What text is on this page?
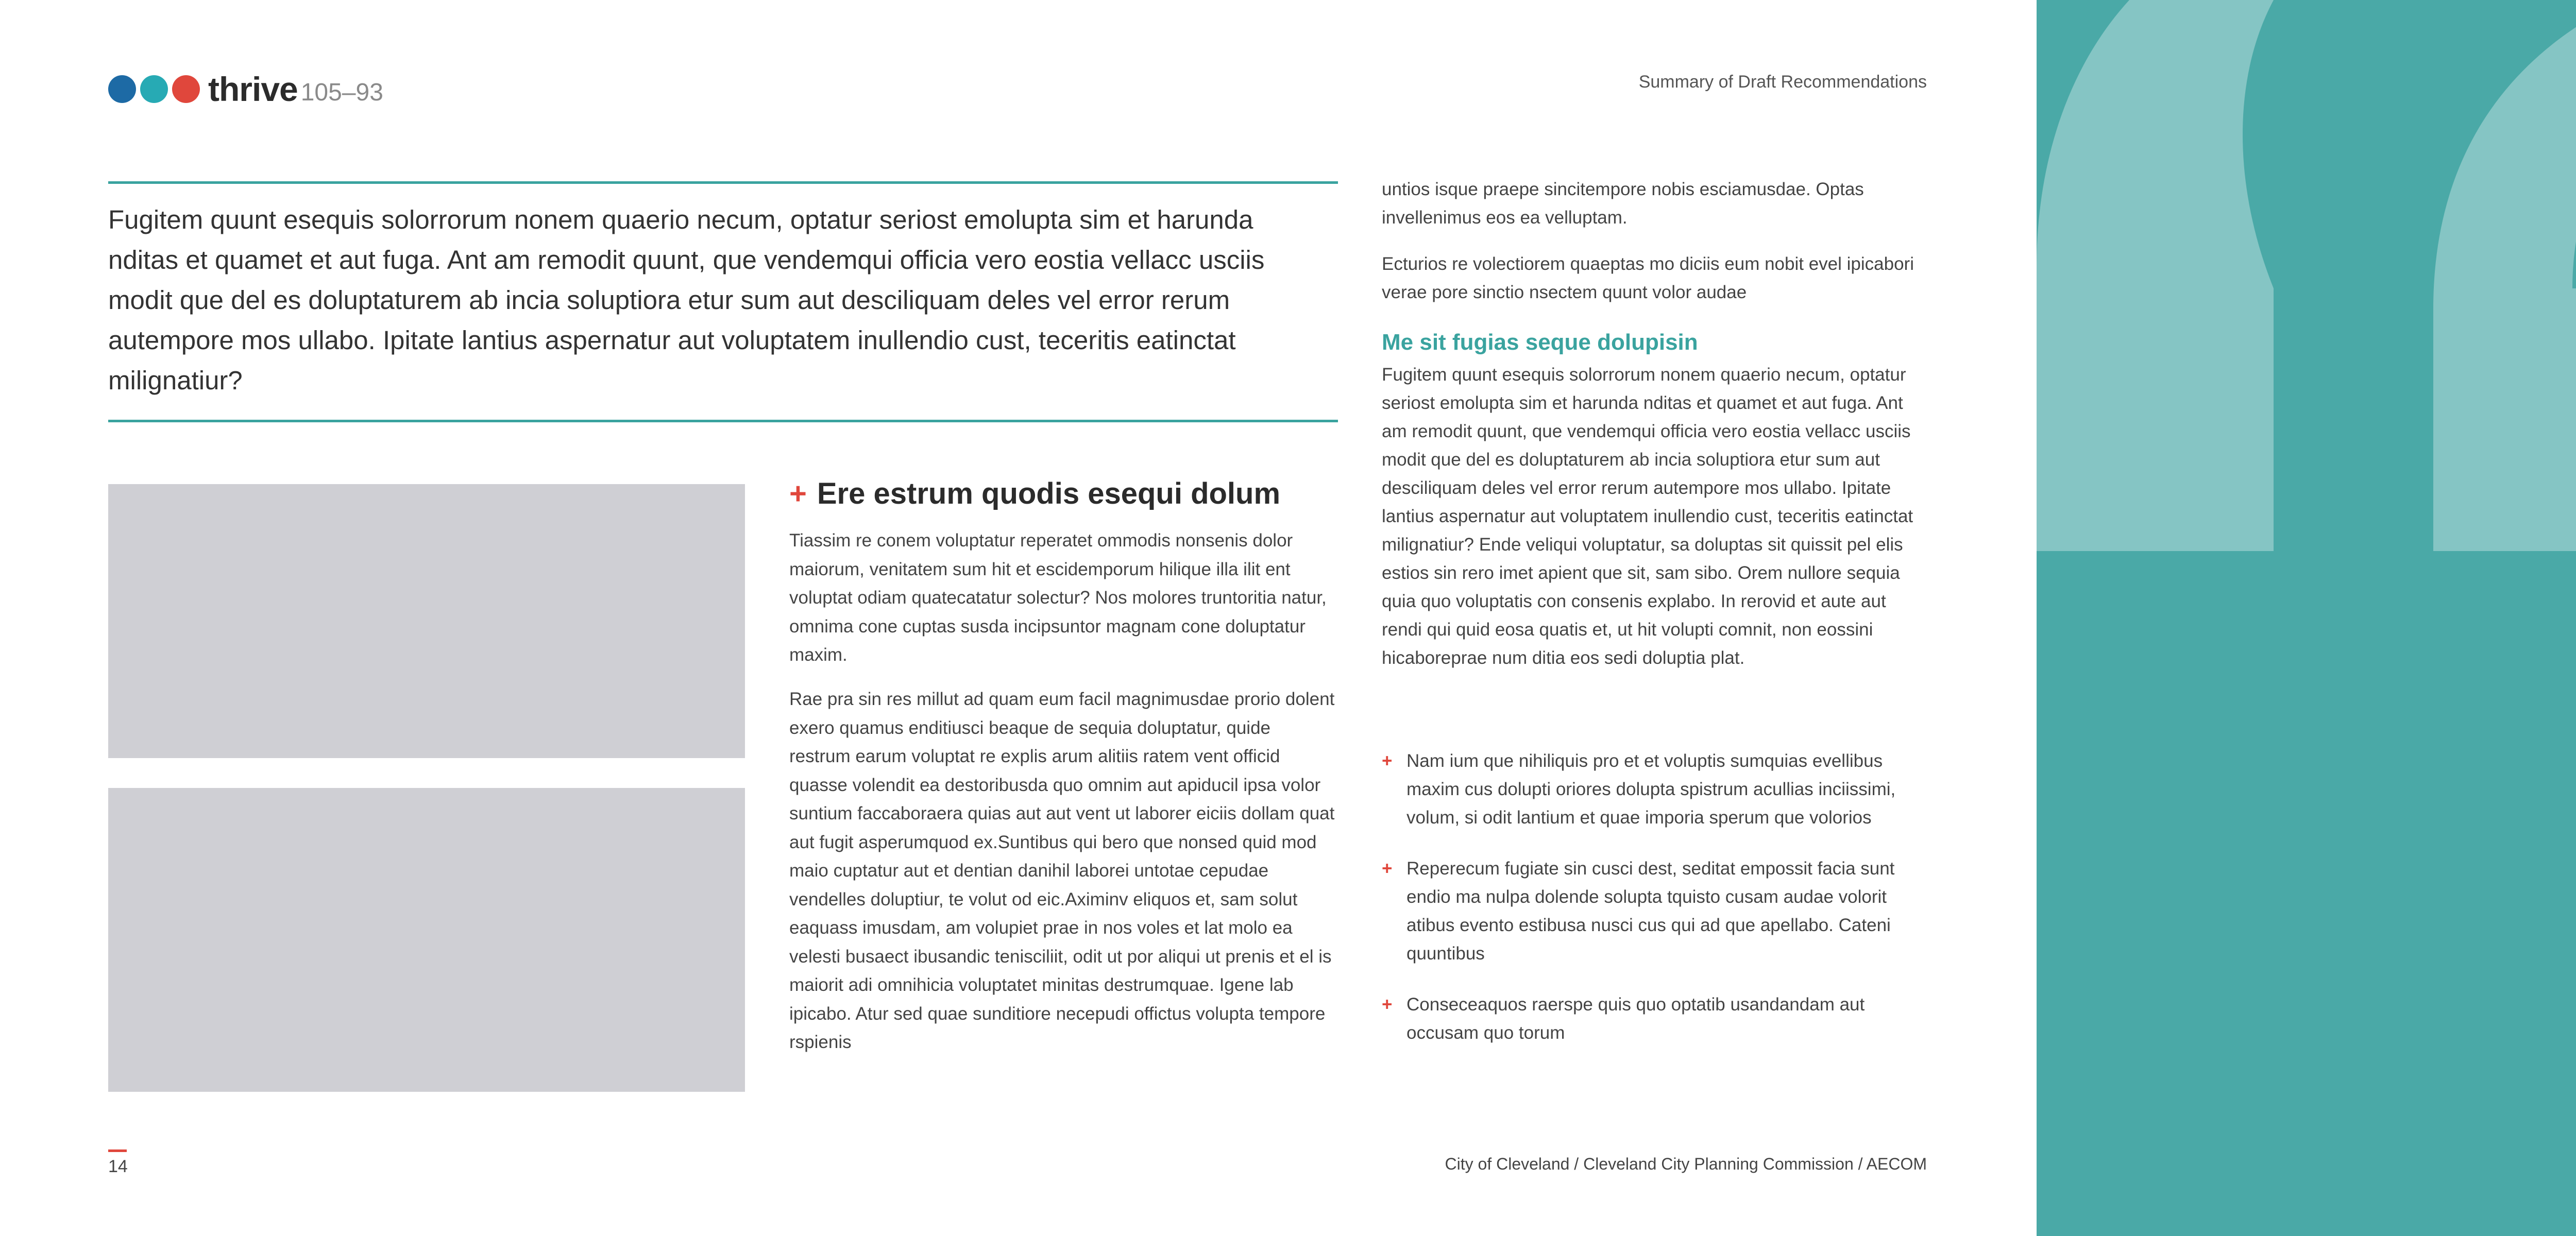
thrive 105–93	Summary of Draft Recommendations

Fugitem quunt esequis solorrorum nonem quaerio necum, optatur seriost emolupta sim et harunda nditas et quamet et aut fuga. Ant am remodit quunt, que vendemqui officia vero eostia vellacc usciis modit que del es doluptaturem ab incia soluptiora etur sum aut desciliquam deles vel error rerum autempore mos ullabo. Ipitate lantius aspernatur aut voluptatem inullendio cust, teceritis eatinctat milignatiur?

+ Ere estrum quodis esequi dolum

Tiassim re conem voluptatur reperatet ommodis nonsenis dolor maiorum, venitatem sum hit et escidemporum hilique illa ilit ent voluptat odiam quatecatatur solectur? Nos molores truntoritia natur, omnima cone cuptas susda incipsuntor magnam cone doluptatur maxim.

Rae pra sin res millut ad quam eum facil magnimusdae prorio dolent exero quamus enditiusci beaque de sequia doluptatur, quide restrum earum voluptat re explis arum alitiis ratem vent officid quasse volendit ea destoribusda quo omnim aut apiducil ipsa volor suntium faccaboraera quias aut aut vent ut laborer eiciis dollam quat aut fugit asperumquod ex.Suntibus qui bero que nonsed quid mod maio cuptatur aut et dentian danihil laborei untotae cepudae vendelles doluptiur, te volut od eic.Aximinv eliquos et, sam solut eaquass imusdam, am volupiet prae in nos voles et lat molo ea velesti busaect ibusandic tenisciliit, odit ut por aliqui ut prenis et el is maiorit adi omnihicia voluptatet minitas destrumquae. Igene lab ipicabo. Atur sed quae sunditiore necepudi offictus volupta tempore rspienis

untios isque praepe sincitempore nobis esciamusdae. Optas invellenimus eos ea velluptam.

Ecturios re volectiorem quaeptas mo diciis eum nobit evel ipicabori verae pore sinctio nsectem quunt volor audae

Me sit fugias seque dolupisin

Fugitem quunt esequis solorrorum nonem quaerio necum, optatur seriost emolupta sim et harunda nditas et quamet et aut fuga. Ant am remodit quunt, que vendemqui officia vero eostia vellacc usciis modit que del es doluptaturem ab incia soluptiora etur sum aut desciliquam deles vel error rerum autempore mos ullabo. Ipitate lantius aspernatur aut voluptatem inullendio cust, teceritis eatinctat milignatiur? Ende veliqui voluptatur, sa doluptas sit quissit pel elis estios sin rero imet apient que sit, sam sibo. Orem nullore sequia quia quo voluptatis con consenis explabo. In rerovid et aute aut rendi qui quid eosa quatis et, ut hit volupti comnit, non eossini hicaboreprae num ditia eos sedi doluptia plat.

+ Nam ium que nihiliquis pro et et voluptis sumquias evellibus maxim cus dolupti oriores dolupta spistrum acullias inciissimi, volum, si odit lantium et quae imporia sperum que volorios
+ Reperecum fugiate sin cusci dest, seditat empossit facia sunt endio ma nulpa dolende solupta tquisto cusam audae volorit atibus evento estibusa nusci cus qui ad que apellabo. Cateni quuntibus
+ Conseceaquos raerspe quis quo optatib usandandam aut occusam quo torum
14	City of Cleveland / Cleveland City Planning Commission / AECOM
